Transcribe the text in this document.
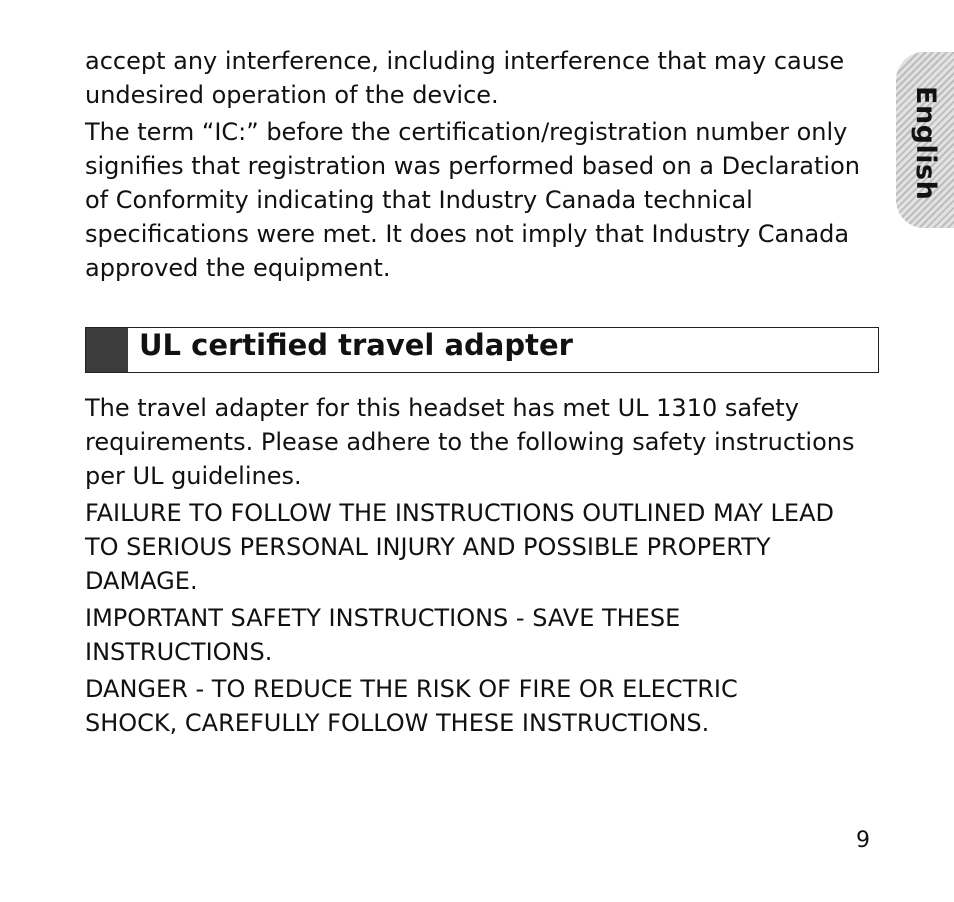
accept any interference, including interference that may cause
undesired operation of the device.
The term “IC:” before the certification/registration number only
signifies that registration was performed based on a Declaration
of Conformity indicating that Industry Canada technical
specifications were met. It does not imply that Industry Canada
approved the equipment.
UL certified travel adapter
The travel adapter for this headset has met UL 1310 safety
requirements. Please adhere to the following safety instructions
per UL guidelines.
FAILURE TO FOLLOW THE INSTRUCTIONS OUTLINED MAY LEAD
TO SERIOUS PERSONAL INJURY AND POSSIBLE PROPERTY
DAMAGE.
IMPORTANT SAFETY INSTRUCTIONS - SAVE THESE
INSTRUCTIONS.
DANGER - TO REDUCE THE RISK OF FIRE OR ELECTRIC
SHOCK, CAREFULLY FOLLOW THESE INSTRUCTIONS.
English
9
